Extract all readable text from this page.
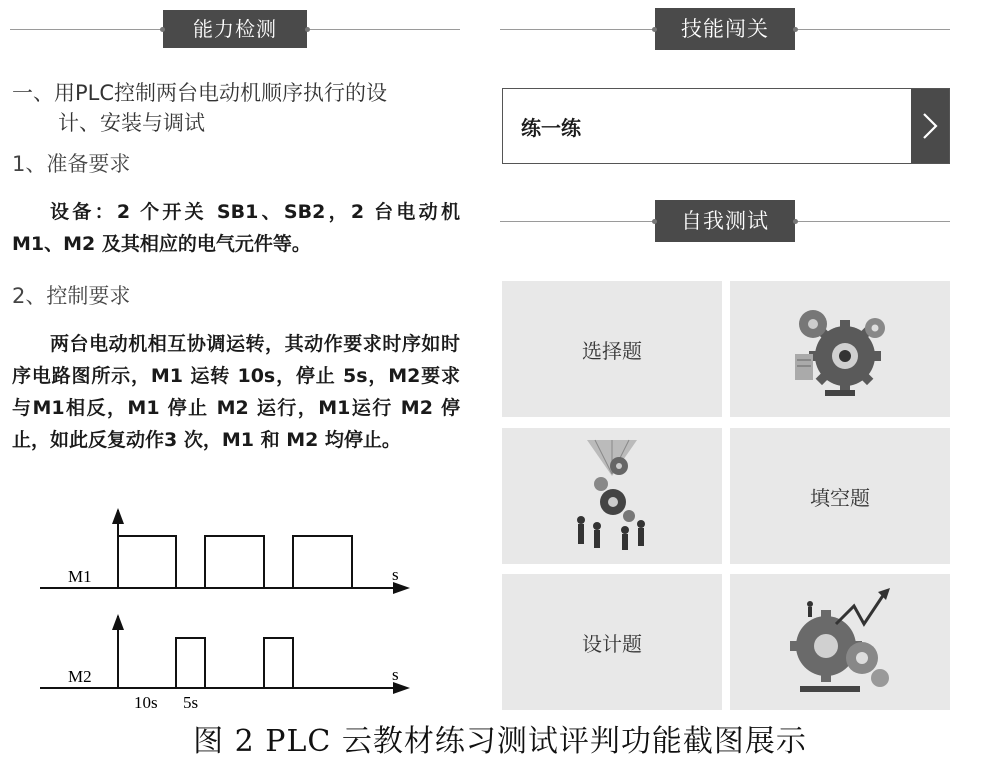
能力检测
一、用PLC控制两台电动机顺序执行的设
计、安装与调试
1、准备要求
设备：2 个开关 SB1、SB2，2 台电动机 M1、M2 及其相应的电气元件等。
2、控制要求
两台电动机相互协调运转，其动作要求时序如时序电路图所示，M1 运转 10s，停止 5s，M2要求与M1相反，M1 停止 M2 运行，M1运行 M2 停止，如此反复动作3 次，M1 和 M2 均停止。
M1	s
M2	s
10s 5s
技能闯关
练一练
自我测试
选择题
填空题
设计题
图 2 PLC 云教材练习测试评判功能截图展示
